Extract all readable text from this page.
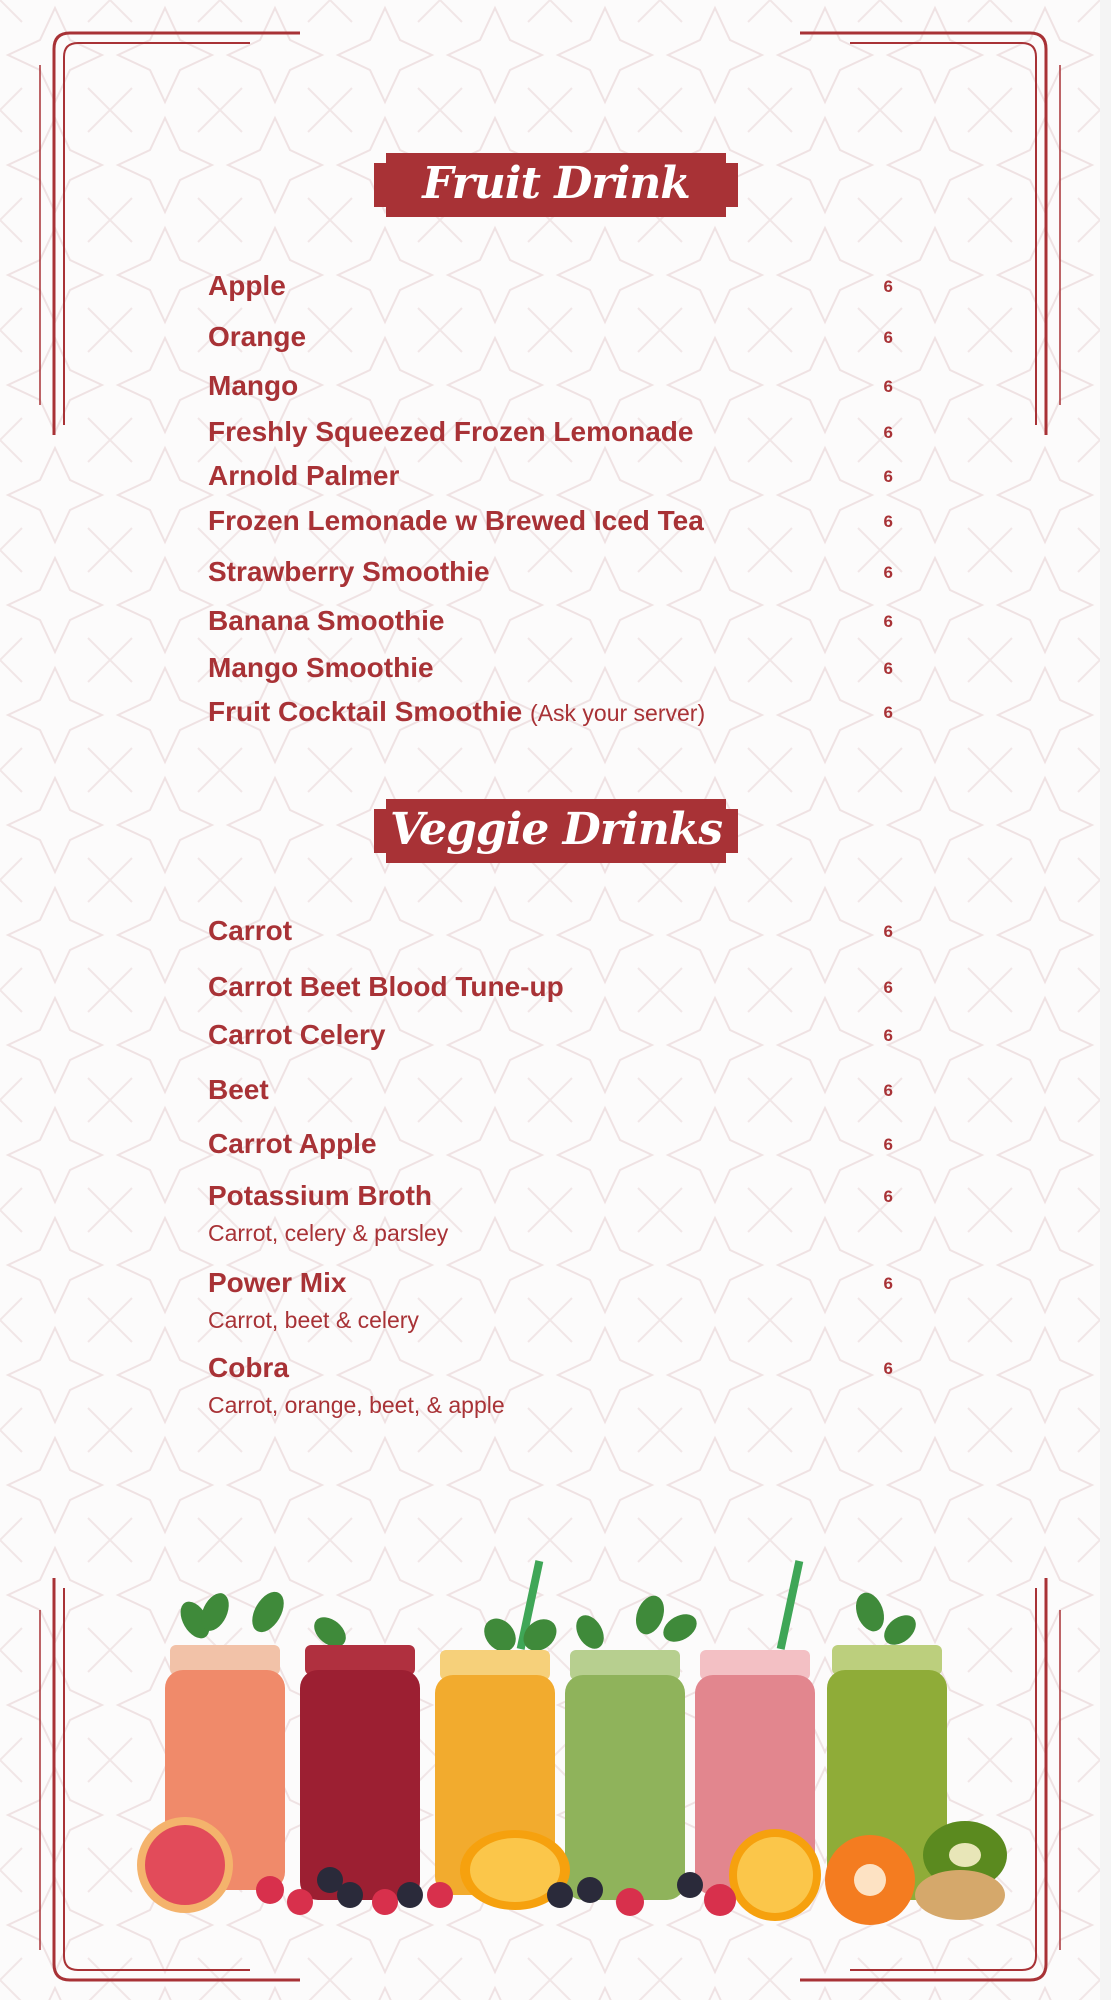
Fruit Drink
Apple	6
Orange	6
Mango	6
Freshly Squeezed Frozen Lemonade	6
Arnold Palmer	6
Frozen Lemonade w Brewed Iced Tea	6
Strawberry Smoothie	6
Banana Smoothie	6
Mango Smoothie	6
Fruit Cocktail Smoothie (Ask your server)	6
Veggie Drinks
Carrot	6
Carrot Beet Blood Tune-up	6
Carrot Celery	6
Beet	6
Carrot Apple	6
Potassium Broth	6
Carrot, celery & parsley
Power Mix	6
Carrot, beet & celery
Cobra	6
Carrot, orange, beet, & apple
